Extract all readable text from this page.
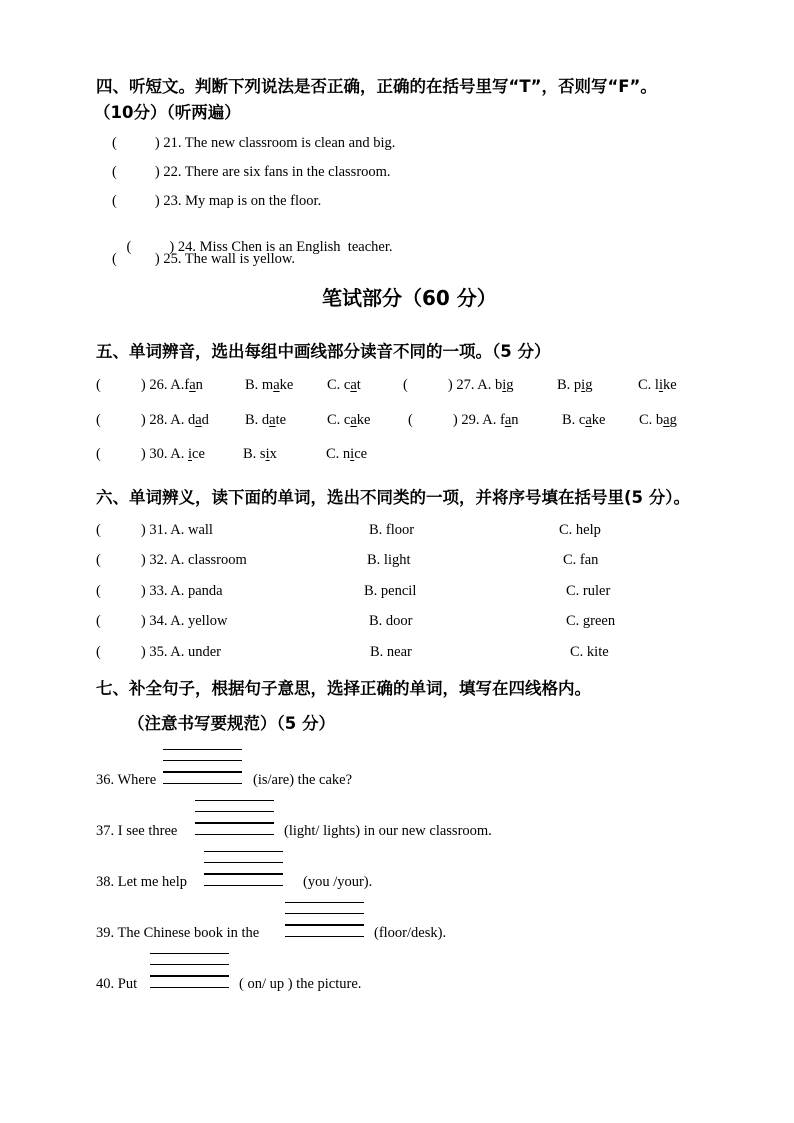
四、听短文。判断下列说法是否正确，正确的在括号里写“T”，否则写“F”。
（10分）（听两遍）
(	) 21. The new classroom is clean and big.
(	) 22. There are six fans in the classroom.
(	) 23. My map is on the floor.

(	) 24. Miss Chen is an English  teacher.

(	) 25. The wall is yellow.
笔试部分（60 分）
五、单词辨音，选出每组中画线部分读音不同的一项。（5 分）
(	) 26. A.fan	B. make C. cat	(	) 27. A. big	B. pig	C. like
(	) 28. A. dad B. date	C. cake	(	) 29. A. fan	B. cake C. bag
(	) 30. A. ice	B. six	C. nice
六、单词辨义，读下面的单词，选出不同类的一项，并将序号填在括号里(5 分）。
(	) 31. A. wall	B. floor	C. help
(	) 32. A. classroom	B. light	C. fan
(	) 33. A. panda	B. pencil	C. ruler
(	) 34. A. yellow	B. door	C. green
(	) 35. A. under	B. near	C. kite
七、补全句子，根据句子意思，选择正确的单词，填写在四线格内。
（注意书写要规范）（5 分）
36. Where	(is/are) the cake?
37. I see three	(light/ lights) in our new classroom.
38. Let me help	(you /your).
39. The Chinese book in the	(floor/desk).
40. Put	( on/ up ) the picture.
